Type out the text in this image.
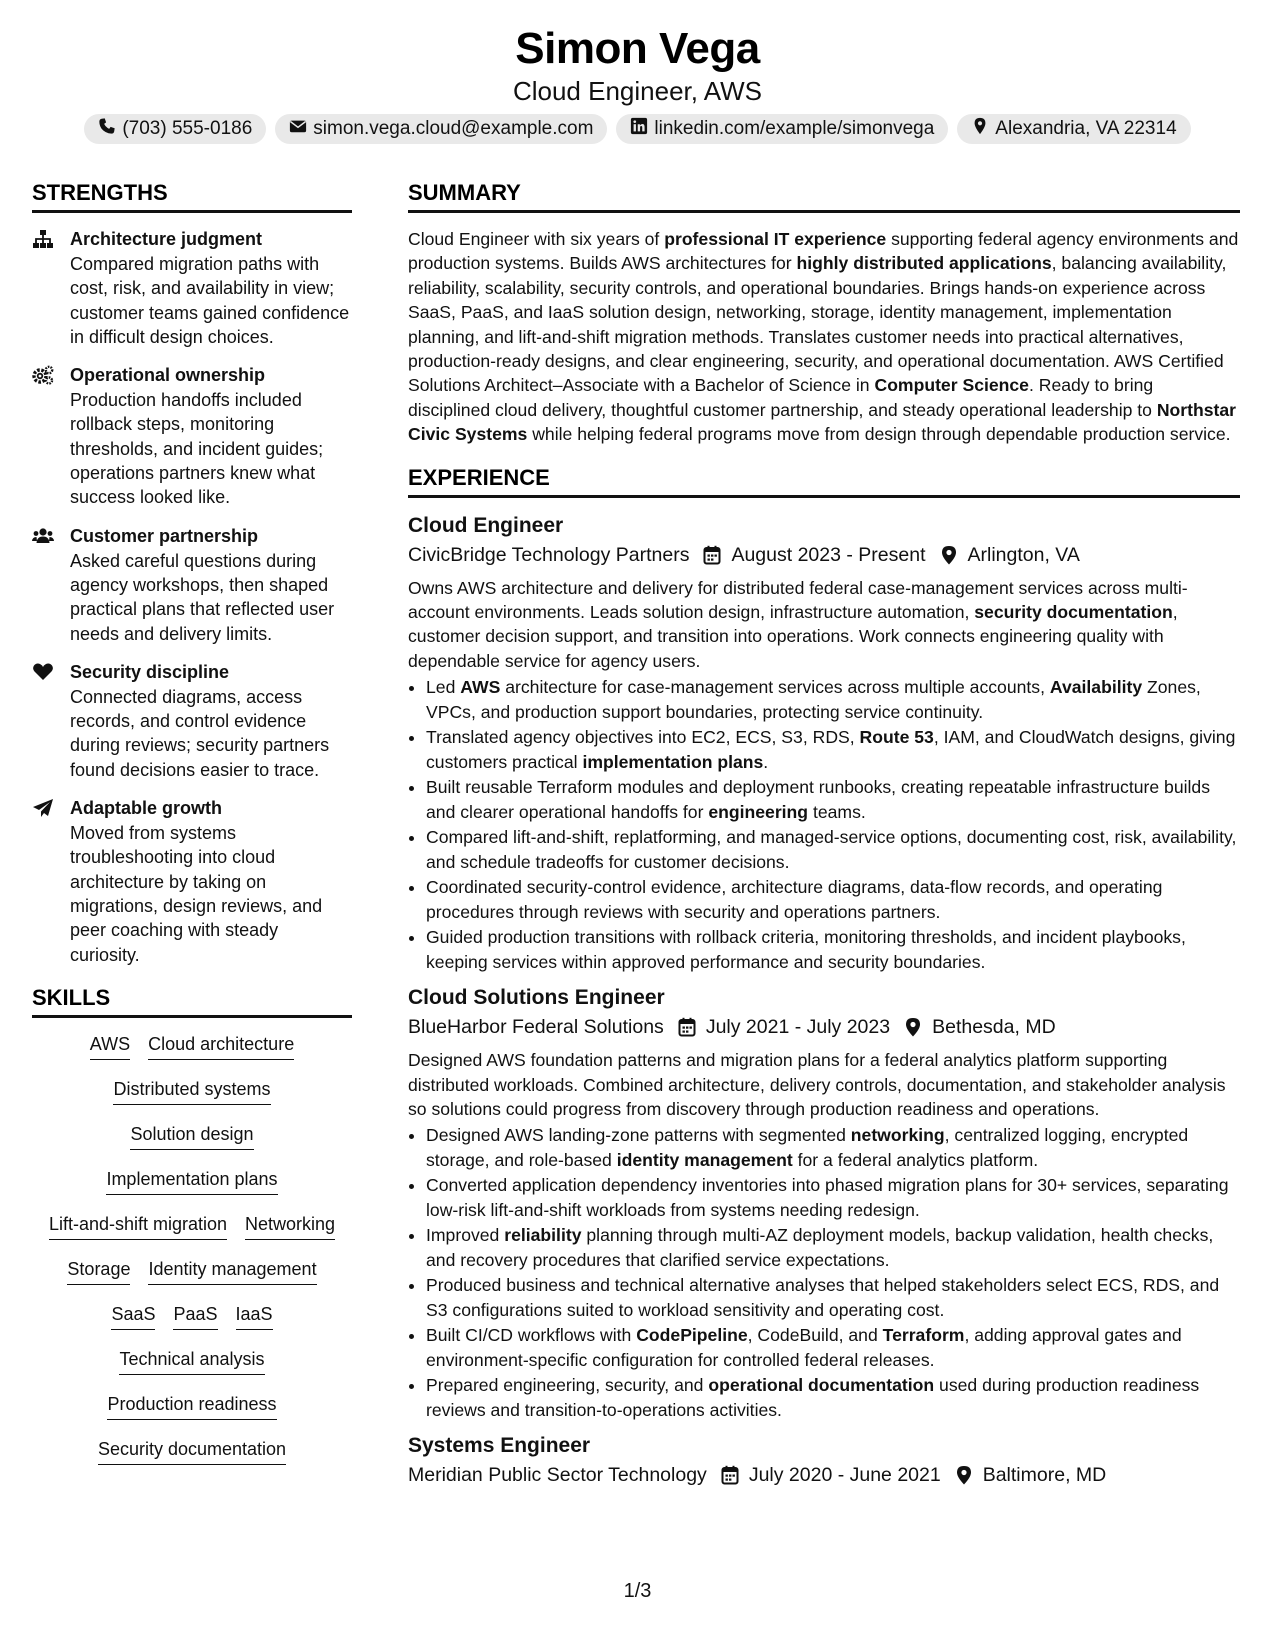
Simon Vega
Cloud Engineer, AWS
(703) 555-0186	simon.vega.cloud@example.com	linkedin.com/example/simonvega	Alexandria, VA 22314
STRENGTHS
Architecture judgment
Compared migration paths with cost, risk, and availability in view; customer teams gained confidence in difficult design choices.
Operational ownership
Production handoffs included rollback steps, monitoring thresholds, and incident guides; operations partners knew what success looked like.
Customer partnership
Asked careful questions during agency workshops, then shaped practical plans that reflected user needs and delivery limits.
Security discipline
Connected diagrams, access records, and control evidence during reviews; security partners found decisions easier to trace.
Adaptable growth
Moved from systems troubleshooting into cloud architecture by taking on migrations, design reviews, and peer coaching with steady curiosity.
SKILLS
AWS Cloud architecture
Distributed systems
Solution design
Implementation plans
Lift-and-shift migration Networking
Storage Identity management
SaaS PaaS IaaS
Technical analysis
Production readiness
Security documentation
SUMMARY
Cloud Engineer with six years of professional IT experience supporting federal agency environments and production systems. Builds AWS architectures for highly distributed applications, balancing availability, reliability, scalability, security controls, and operational boundaries. Brings hands-on experience across SaaS, PaaS, and IaaS solution design, networking, storage, identity management, implementation planning, and lift-and-shift migration methods. Translates customer needs into practical alternatives, production-ready designs, and clear engineering, security, and operational documentation. AWS Certified Solutions Architect–Associate with a Bachelor of Science in Computer Science. Ready to bring disciplined cloud delivery, thoughtful customer partnership, and steady operational leadership to Northstar Civic Systems while helping federal programs move from design through dependable production service.
EXPERIENCE
Cloud Engineer
CivicBridge Technology Partners August 2023 - Present Arlington, VA
Owns AWS architecture and delivery for distributed federal case-management services across multi-account environments. Leads solution design, infrastructure automation, security documentation, customer decision support, and transition into operations. Work connects engineering quality with dependable service for agency users.
• Led AWS architecture for case-management services across multiple accounts, Availability Zones, VPCs, and production support boundaries, protecting service continuity.
• Translated agency objectives into EC2, ECS, S3, RDS, Route 53, IAM, and CloudWatch designs, giving customers practical implementation plans.
• Built reusable Terraform modules and deployment runbooks, creating repeatable infrastructure builds and clearer operational handoffs for engineering teams.
• Compared lift-and-shift, replatforming, and managed-service options, documenting cost, risk, availability, and schedule tradeoffs for customer decisions.
• Coordinated security-control evidence, architecture diagrams, data-flow records, and operating procedures through reviews with security and operations partners.
• Guided production transitions with rollback criteria, monitoring thresholds, and incident playbooks, keeping services within approved performance and security boundaries.
Cloud Solutions Engineer
BlueHarbor Federal Solutions July 2021 - July 2023 Bethesda, MD
Designed AWS foundation patterns and migration plans for a federal analytics platform supporting distributed workloads. Combined architecture, delivery controls, documentation, and stakeholder analysis so solutions could progress from discovery through production readiness and operations.
• Designed AWS landing-zone patterns with segmented networking, centralized logging, encrypted storage, and role-based identity management for a federal analytics platform.
• Converted application dependency inventories into phased migration plans for 30+ services, separating low-risk lift-and-shift workloads from systems needing redesign.
• Improved reliability planning through multi-AZ deployment models, backup validation, health checks, and recovery procedures that clarified service expectations.
• Produced business and technical alternative analyses that helped stakeholders select ECS, RDS, and S3 configurations suited to workload sensitivity and operating cost.
• Built CI/CD workflows with CodePipeline, CodeBuild, and Terraform, adding approval gates and environment-specific configuration for controlled federal releases.
• Prepared engineering, security, and operational documentation used during production readiness reviews and transition-to-operations activities.
Systems Engineer
Meridian Public Sector Technology July 2020 - June 2021 Baltimore, MD
1/3
